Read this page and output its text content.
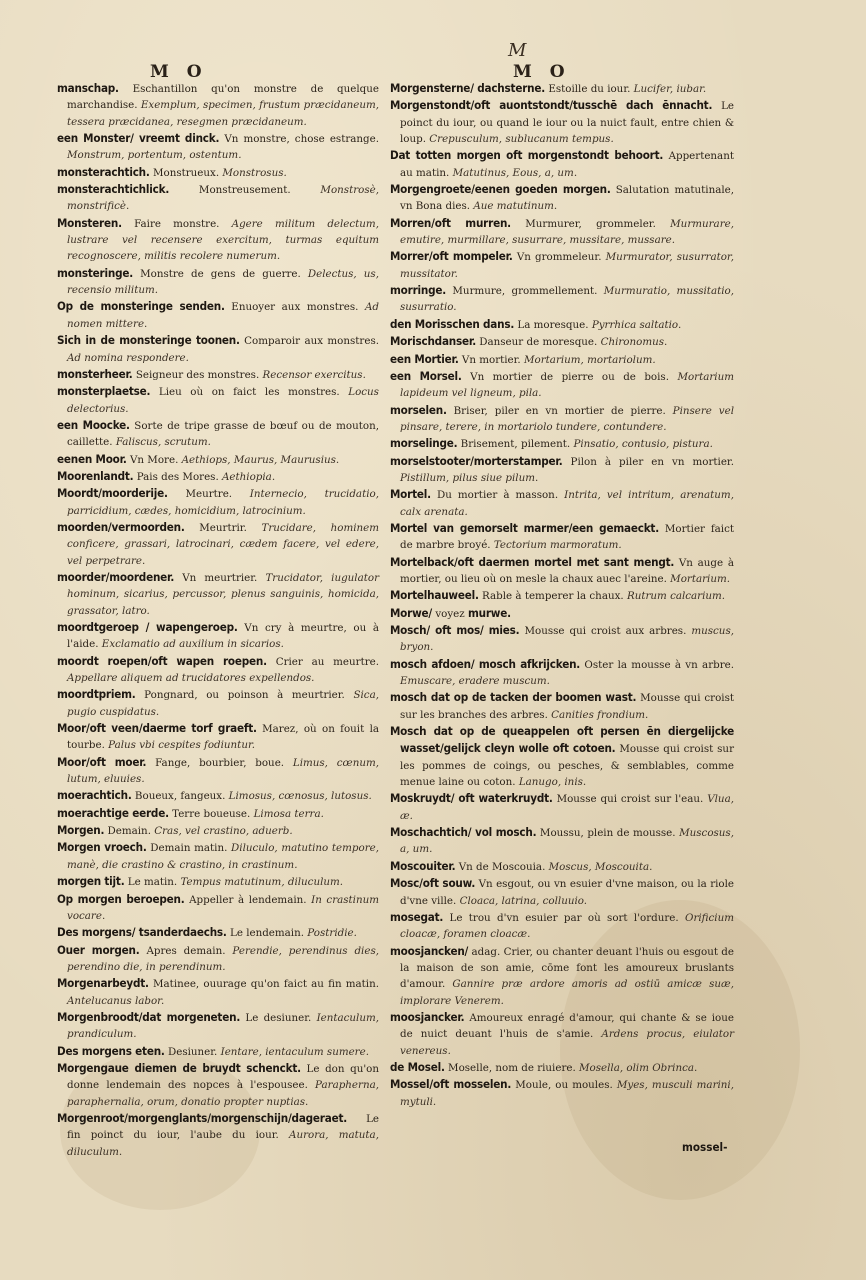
M
M O	M O

manschap. Eschantillon qu'on monstre de quelque marchandise. Exemplum, specimen, frustum præcidaneum, tessera præcidanea, resegmen præcidaneum.

een Monster/ vreemt dinck. Vn monstre, chose estrange. Monstrum, portentum, ostentum.

monsterachtich. Monstrueux. Monstrosus.

monsterachtichlick.	Monstreusement.	Monstrosè, monstrificè.

Monsteren. Faire monstre. Agere militum delectum, lustrare vel recensere exercitum, turmas equitum recognoscere, militis recolere numerum.

monsteringe. Monstre de gens de guerre. Delectus, us, recensio militum.

Op de monsteringe senden. Enuoyer aux monstres. Ad nomen mittere.

Sich in de monsteringe toonen. Comparoir aux monstres. Ad nomina respondere.

monsterheer. Seigneur des monstres. Recensor exercitus.

monsterplaetse. Lieu où on faict les monstres. Locus delectorius.

een Moocke. Sorte de tripe grasse de bœuf ou de mouton, caillette. Faliscus, scrutum.

eenen Moor. Vn More. Aethiops, Maurus, Maurusius.

Moorenlandt. Pais des Mores. Aethiopia.

Moordt/moorderije. Meurtre. Internecio, trucidatio, parricidium, cædes, homicidium, latrocinium.

moorden/vermoorden. Meurtrir. Trucidare, hominem conficere, grassari, latrocinari, cædem facere, vel edere, vel perpetrare.

moorder/moordener. Vn meurtrier. Trucidator, iugulator hominum, sicarius, percussor, plenus sanguinis, homicida, grassator, latro.

moordtgeroep / wapengeroep. Vn cry à meurtre, ou à l'aide. Exclamatio ad auxilium in sicarios.

moordt roepen/oft wapen roepen. Crier au meurtre. Appellare aliquem ad trucidatores expellendos.

moordtpriem. Pongnard, ou poinson à meurtrier. Sica, pugio cuspidatus.

Moor/oft veen/daerme torf graeft. Marez, où on fouit la tourbe. Palus vbi cespites fodiuntur.

Moor/oft moer. Fange, bourbier, boue. Limus, cœnum, lutum, eluuies.

moerachtich. Boueux, fangeux. Limosus, cœnosus, lutosus.

moerachtige eerde. Terre boueuse. Limosa terra.

Morgen. Demain. Cras, vel crastino, aduerb.

Morgen vroech. Demain matin. Diluculo, matutino tempore, manè, die crastino & crastino, in crastinum.

morgen tijt. Le matin. Tempus matutinum, diluculum.

Op morgen beroepen. Appeller à lendemain. In crastinum vocare.

Des morgens/ tsanderdaechs. Le lendemain. Postridie.

Ouer morgen. Apres demain. Perendie, perendinus dies, perendino die, in perendinum.

Morgenarbeydt. Matinee, ouurage qu'on faict au fin matin. Antelucanus labor.

Morgenbroodt/dat morgeneten. Le desiuner. Ientaculum, prandiculum.

Des morgens eten. Desiuner. Ientare, ientaculum sumere.

Morgengaue diemen de bruydt schenckt. Le don qu'on donne lendemain des nopces à l'espousee. Parapherna, paraphernalia, orum, donatio propter nuptias.

Morgenroot/morgenglants/morgenschijn/dageraet. Le fin poinct du iour, l'aube du iour. Aurora, matuta, diluculum.

Morgensterne/ dachsterne. Estoille du iour. Lucifer, iubar.

Morgenstondt/oft auontstondt/tusschē dach ēnnacht. Le poinct du iour, ou quand le iour ou la nuict fault, entre chien & loup. Crepusculum, sublucanum tempus.

Dat totten morgen oft morgenstondt behoort. Appertenant au matin. Matutinus, Eous, a, um.

Morgengroete/eenen goeden morgen. Salutation matutinale, vn Bona dies. Aue matutinum.

Morren/oft murren. Murmurer, grommeler. Murmurare, emutire, murmillare, susurrare, mussitare, mussare.

Morrer/oft mompeler. Vn grommeleur. Murmurator, susurrator, mussitator.

morringe. Murmure, grommellement. Murmuratio, mussitatio, susurratio.

den Morisschen dans. La moresque. Pyrrhica saltatio.

Morischdanser. Danseur de moresque. Chironomus.

een Mortier. Vn mortier. Mortarium, mortariolum.

een Morsel. Vn mortier de pierre ou de bois. Mortarium lapideum vel ligneum, pila.

morselen. Briser, piler en vn mortier de pierre. Pinsere vel pinsare, terere, in mortariolo tundere, contundere.

morselinge. Brisement, pilement. Pinsatio, contusio, pistura.

morselstooter/morterstamper. Pilon à piler en vn mortier. Pistillum, pilus siue pilum.

Mortel. Du mortier à masson. Intrita, vel intritum, arenatum, calx arenata.

Mortel van gemorselt marmer/een gemaeckt. Mortier faict de marbre broyé. Tectorium marmoratum.

Mortelback/oft daermen mortel met sant mengt. Vn auge à mortier, ou lieu où on mesle la chaux auec l'areine. Mortarium.

Mortelhauweel. Rable à temperer la chaux. Rutrum calcarium.

Morwe/ voyez murwe.

Mosch/ oft mos/ mies. Mousse qui croist aux arbres. muscus, bryon.

mosch afdoen/ mosch afkrijcken. Oster la mousse à vn arbre. Emuscare, eradere muscum.

mosch dat op de tacken der boomen wast. Mousse qui croist sur les branches des arbres. Canities frondium.

Mosch dat op de queappelen oft persen ēn diergelijcke wasset/gelijck cleyn wolle oft cotoen. Mousse qui croist sur les pommes de coings, ou pesches, & semblables, comme menue laine ou coton. Lanugo, inis.

Moskruydt/ oft waterkruydt. Mousse qui croist sur l'eau. Vlua, æ.

Moschachtich/ vol mosch. Moussu, plein de mousse. Muscosus, a, um.

Moscouiter. Vn de Moscouia. Moscus, Moscouita.

Mosc/oft souw. Vn esgout, ou vn esuier d'vne maison, ou la riole d'vne ville. Cloaca, latrina, colluuio.

mosegat. Le trou d'vn esuier par où sort l'ordure. Orificium cloacæ, foramen cloacæ.

moosjancken/ adag. Crier, ou chanter deuant l'huis ou esgout de la maison de son amie, cōme font les amoureux bruslants d'amour. Gannire præ ardore amoris ad ostiū amicæ suæ, implorare Venerem.

moosjancker. Amoureux enragé d'amour, qui chante & se ioue de nuict deuant l'huis de s'amie. Ardens procus, eiulator venereus.

de Mosel. Moselle, nom de riuiere. Mosella, olim Obrinca.

Mossel/oft mosselen. Moule, ou moules. Myes, musculi marini, mytuli.

mossel-
